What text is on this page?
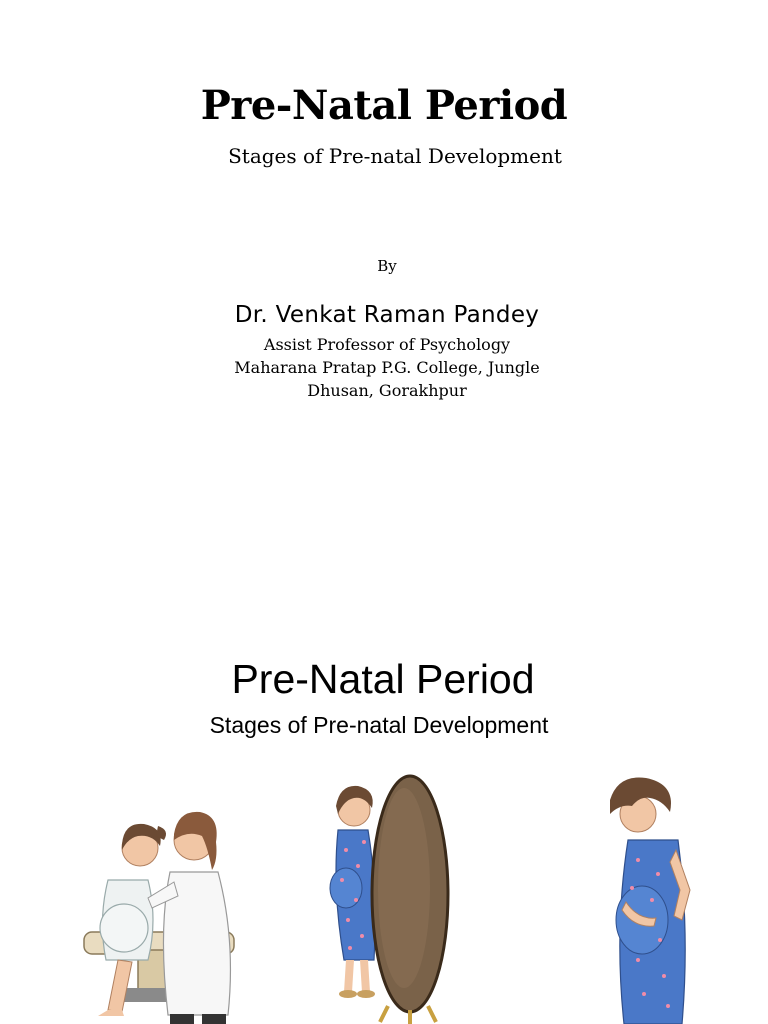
Pre-Natal Period
Stages of Pre-natal Development
By
Dr. Venkat Raman Pandey
Assist Professor of Psychology
Maharana Pratap P.G. College, Jungle
Dhusan, Gorakhpur
Pre-Natal Period
Stages of Pre-natal Development
